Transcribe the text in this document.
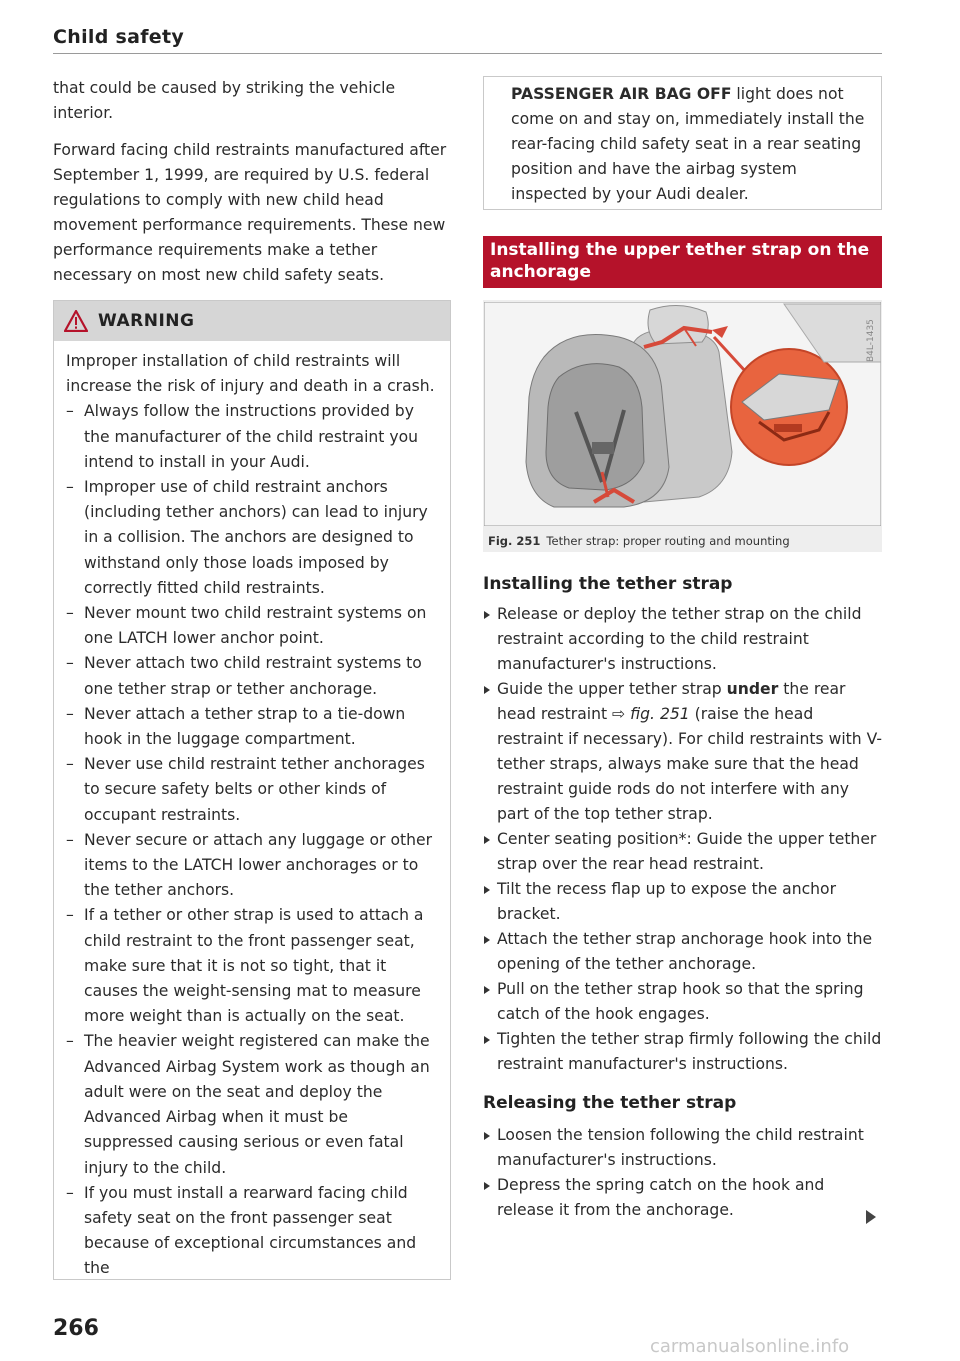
Child safety

that could be caused by striking the vehicle interior.

Forward facing child restraints manufactured after September 1, 1999, are required by U.S. federal regulations to comply with new child head movement performance requirements. These new performance requirements make a tether necessary on most new child safety seats.

WARNING

Improper installation of child restraints will increase the risk of injury and death in a crash.

– Always follow the instructions provided by the manufacturer of the child restraint you intend to install in your Audi.
– Improper use of child restraint anchors (including tether anchors) can lead to injury in a collision. The anchors are designed to withstand only those loads imposed by correctly fitted child restraints.
– Never mount two child restraint systems on one LATCH lower anchor point.
– Never attach two child restraint systems to one tether strap or tether anchorage.
– Never attach a tether strap to a tie-down hook in the luggage compartment.
– Never use child restraint tether anchorages to secure safety belts or other kinds of occupant restraints.
– Never secure or attach any luggage or other items to the LATCH lower anchorages or to the tether anchors.
– If a tether or other strap is used to attach a child restraint to the front passenger seat, make sure that it is not so tight, that it causes the weight-sensing mat to measure more weight than is actually on the seat.
– The heavier weight registered can make the Advanced Airbag System work as though an adult were on the seat and deploy the Advanced Airbag when it must be suppressed causing serious or even fatal injury to the child.
– If you must install a rearward facing child safety seat on the front passenger seat because of exceptional circumstances and the
266

PASSENGER AIR BAG OFF light does not come on and stay on, immediately install the rear-facing child safety seat in a rear seating position and have the airbag system inspected by your Audi dealer.

Installing the upper tether strap on the anchorage
Fig. 251 Tether strap: proper routing and mounting
B4L-1435
Installing the tether strap
Release or deploy the tether strap on the child restraint according to the child restraint manufacturer's instructions.
Guide the upper tether strap under the rear head restraint ⇨ fig. 251 (raise the head restraint if necessary). For child restraints with V-tether straps, always make sure that the head restraint guide rods do not interfere with any part of the top tether strap.
Center seating position*: Guide the upper tether strap over the rear head restraint.
Tilt the recess flap up to expose the anchor bracket.
Attach the tether strap anchorage hook into the opening of the tether anchorage.
Pull on the tether strap hook so that the spring catch of the hook engages.
Tighten the tether strap firmly following the child restraint manufacturer's instructions.
Releasing the tether strap
Loosen the tension following the child restraint manufacturer's instructions.
Depress the spring catch on the hook and release it from the anchorage.
carmanualsonline.info
